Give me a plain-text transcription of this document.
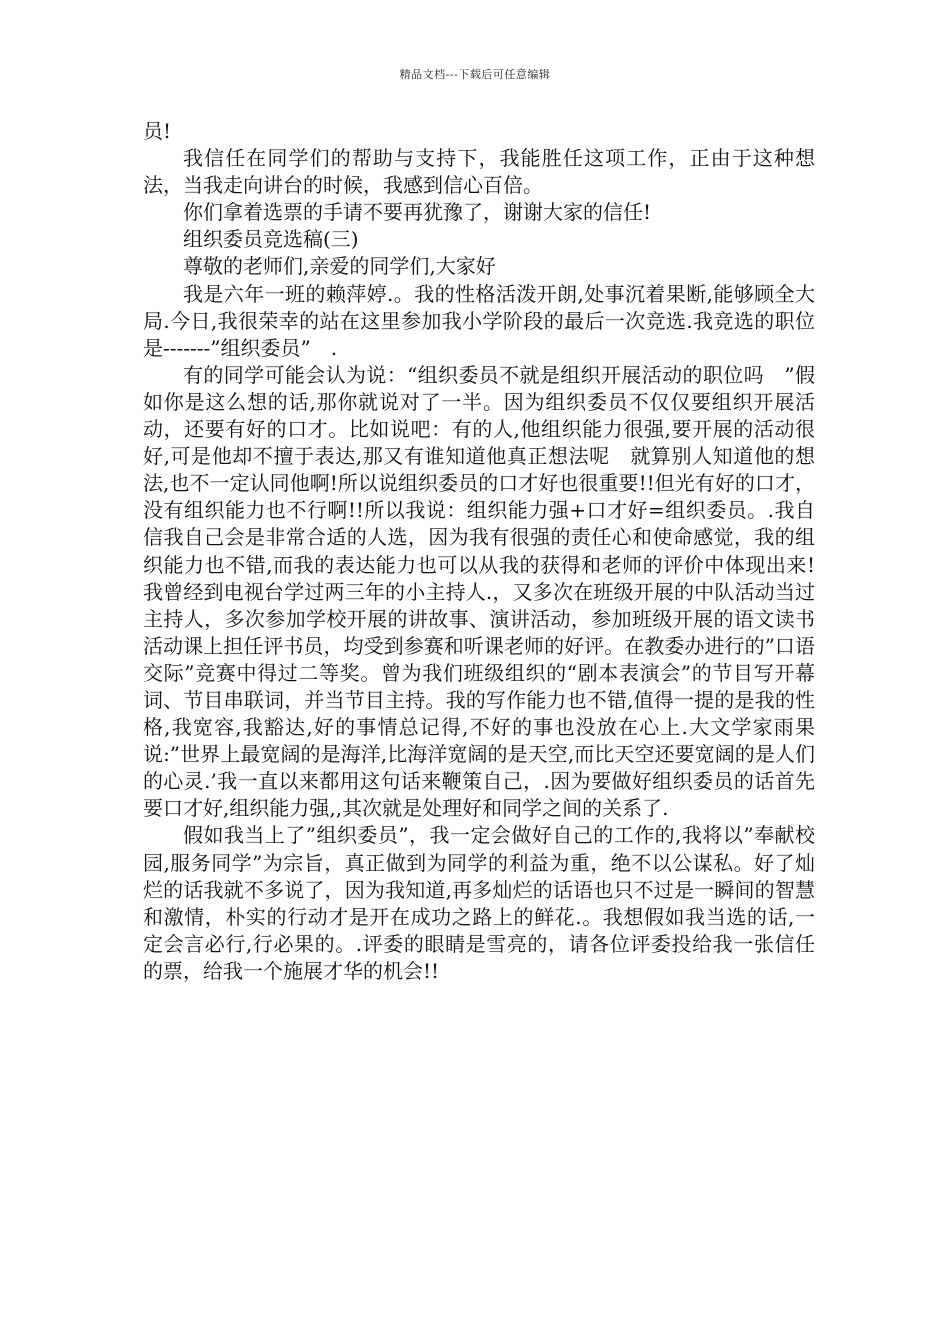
精品文档---下载后可任意编辑

员!

我信任在同学们的帮助与支持下，我能胜任这项工作，正由于这种想法，当我走向讲台的时候，我感到信心百倍。

你们拿着选票的手请不要再犹豫了，谢谢大家的信任!

组织委员竞选稿(三)

尊敬的老师们,亲爱的同学们,大家好

我是六年一班的赖萍婷.。我的性格活泼开朗,处事沉着果断,能够顾全大局.今日,我很荣幸的站在这里参加我小学阶段的最后一次竞选.我竞选的职位是-------”组织委员”　.

有的同学可能会认为说：“组织委员不就是组织开展活动的职位吗　”假如你是这么想的话,那你就说对了一半。因为组织委员不仅仅要组织开展活动，还要有好的口才。比如说吧：有的人,他组织能力很强,要开展的活动很好,可是他却不擅于表达,那又有谁知道他真正想法呢　就算别人知道他的想法,也不一定认同他啊!所以说组织委员的口才好也很重要!!但光有好的口才，没有组织能力也不行啊!!所以我说：组织能力强+口才好=组织委员。.我自信我自己会是非常合适的人选，因为我有很强的责任心和使命感觉，我的组织能力也不错,而我的表达能力也可以从我的获得和老师的评价中体现出来!我曾经到电视台学过两三年的小主持人.，又多次在班级开展的中队活动当过主持人，多次参加学校开展的讲故事、演讲活动，参加班级开展的语文读书活动课上担任评书员，均受到参赛和听课老师的好评。在教委办进行的”口语交际”竞赛中得过二等奖。曾为我们班级组织的“剧本表演会”的节目写开幕词、节目串联词，并当节目主持。我的写作能力也不错,值得一提的是我的性格,我宽容,我豁达,好的事情总记得,不好的事也没放在心上.大文学家雨果说:”世界上最宽阔的是海洋,比海洋宽阔的是天空,而比天空还要宽阔的是人们的心灵.’我一直以来都用这句话来鞭策自己，.因为要做好组织委员的话首先要口才好,组织能力强,,其次就是处理好和同学之间的关系了.

假如我当上了”组织委员”，我一定会做好自己的工作的,我将以”奉献校园,服务同学”为宗旨，真正做到为同学的利益为重，绝不以公谋私。好了灿烂的话我就不多说了，因为我知道,再多灿烂的话语也只不过是一瞬间的智慧和激情，朴实的行动才是开在成功之路上的鲜花.。我想假如我当选的话,一定会言必行,行必果的。.评委的眼睛是雪亮的，请各位评委投给我一张信任的票，给我一个施展才华的机会!!
